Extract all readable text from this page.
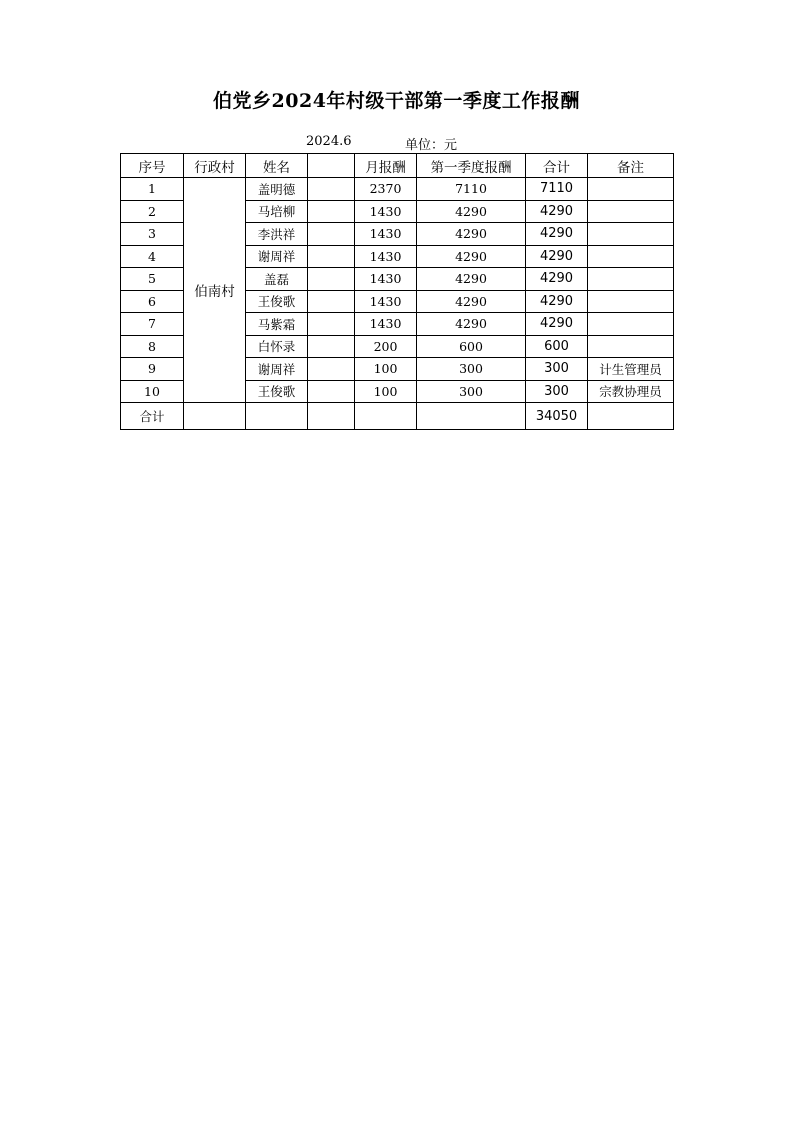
伯党乡2024年村级干部第一季度工作报酬
2024.6	单位：元
序号	行政村	姓名		月报酬	第一季度报酬	合计	备注
1	伯南村	盖明德		2370	7110	7110	
2		马培柳		1430	4290	4290	
3		李洪祥		1430	4290	4290	
4		谢周祥		1430	4290	4290	
5		盖磊		1430	4290	4290	
6		王俊歌		1430	4290	4290	
7		马紫霜		1430	4290	4290	
8		白怀录		200	600	600	
9		谢周祥		100	300	300	计生管理员
10		王俊歌		100	300	300	宗教协理员
合计						34050	
